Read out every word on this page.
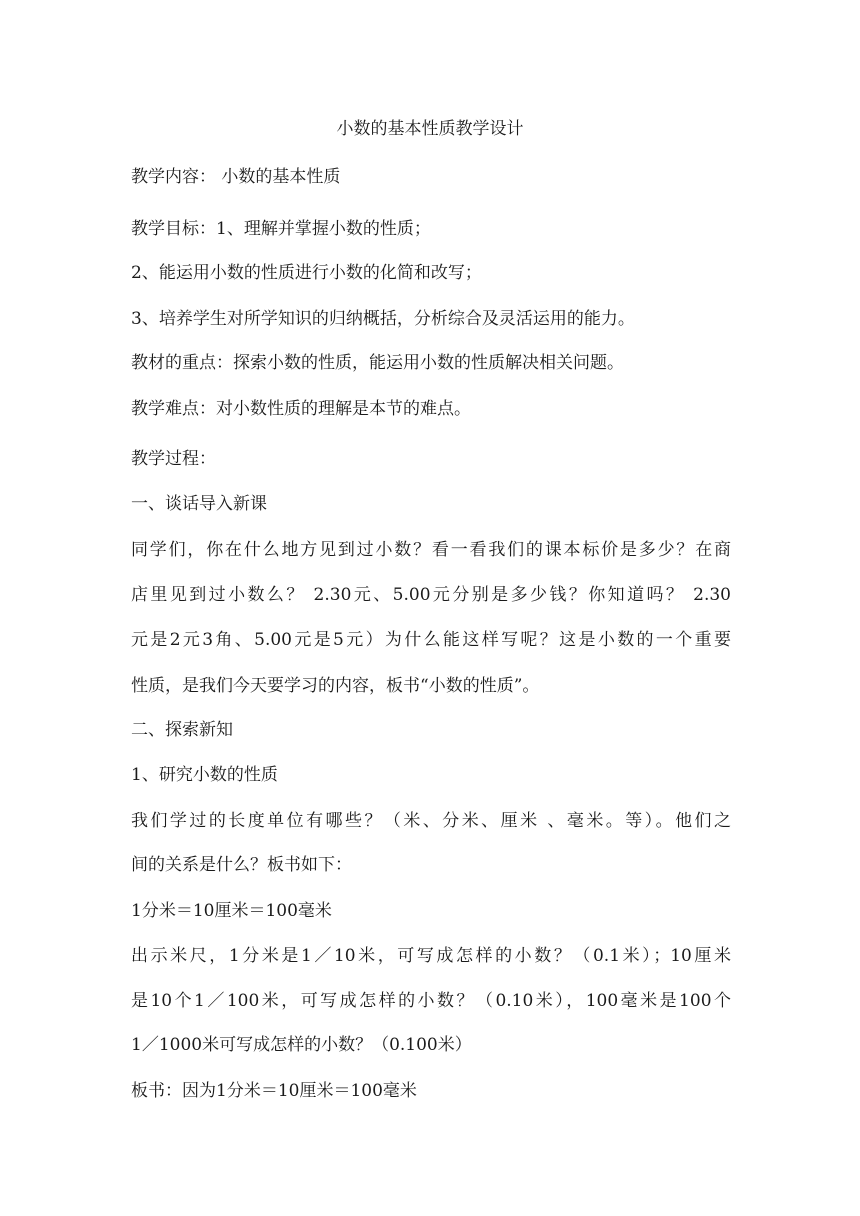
小数的基本性质教学设计
教学内容： 小数的基本性质
教学目标：1、理解并掌握小数的性质；
2、能运用小数的性质进行小数的化简和改写；
3、培养学生对所学知识的归纳概括，分析综合及灵活运用的能力。
教材的重点：探索小数的性质，能运用小数的性质解决相关问题。
教学难点：对小数性质的理解是本节的难点。
教学过程：
一、谈话导入新课
同学们，你在什么地方见到过小数？看一看我们的课本标价是多少？在商
店里见到过小数么？ 2.30元、5.00元分别是多少钱？你知道吗？ 2.30
元是2元3角、5.00元是5元）为什么能这样写呢？这是小数的一个重要
性质，是我们今天要学习的内容，板书“小数的性质”。
二、探索新知
1、研究小数的性质
我们学过的长度单位有哪些？（米、分米、厘米 、毫米。等）。他们之
间的关系是什么？板书如下：
1分米＝10厘米＝100毫米
出示米尺，1分米是1／10米，可写成怎样的小数？（0.1米）；10厘米
是10个1／100米，可写成怎样的小数？（0.10米），100毫米是100个
1／1000米可写成怎样的小数？（0.100米）
板书：因为1分米＝10厘米＝100毫米
